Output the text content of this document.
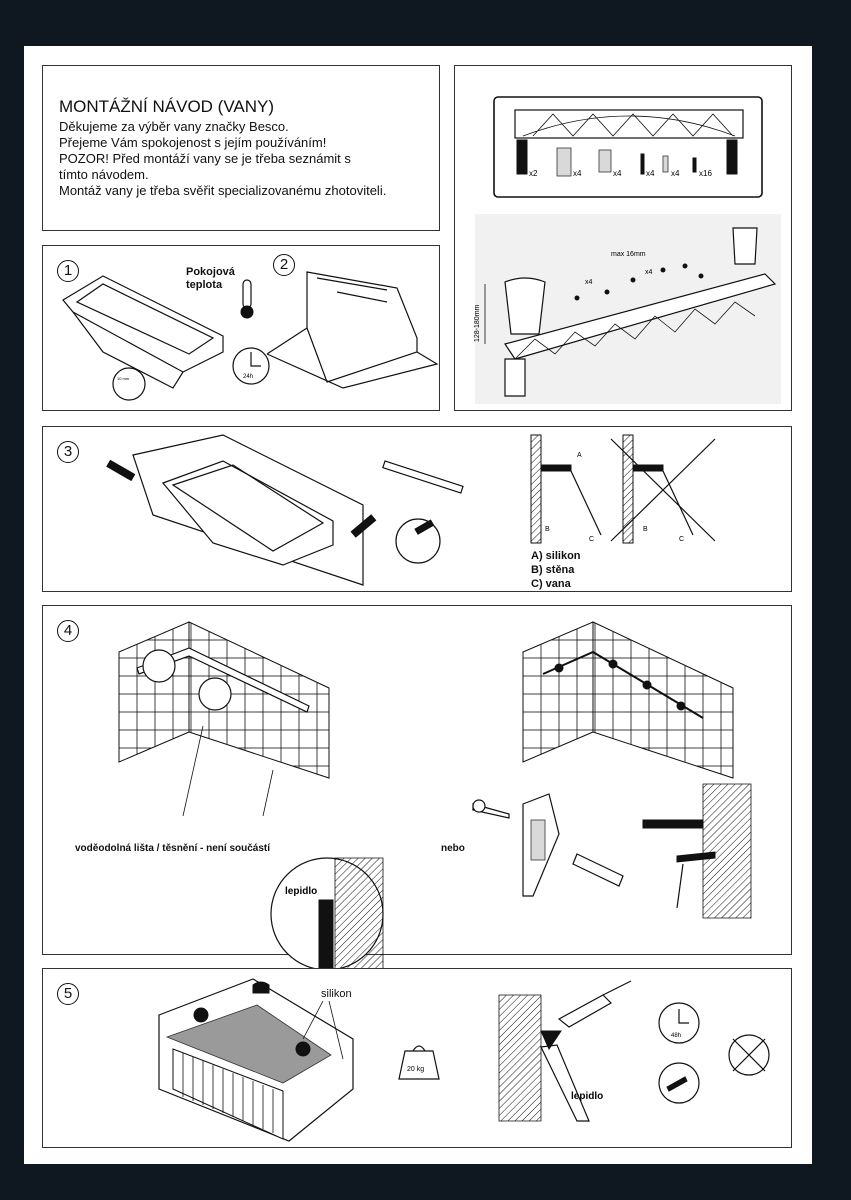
MONTÁŽNÍ NÁVOD (VANY)
Děkujeme za výběr vany značky Besco.
Přejeme Vám spokojenost s jejím používáním!
POZOR! Před montáží vany se je třeba seznámit s
tímto návodem.
Montáž vany je třeba svěřit specializovanému zhotoviteli.
x2	x4	x4	x4 x4 x16
128-180mm
max 16mm
x4
x4
1
10 mm
Pokojová
teplota
24h
2
3	A
B
C
B
C
A) silikon
B) stěna
C) vana
4
voděodolná lišta / těsnění - není součástí	nebo
lepidlo
5	silikon
20 kg
lepidlo
48h
